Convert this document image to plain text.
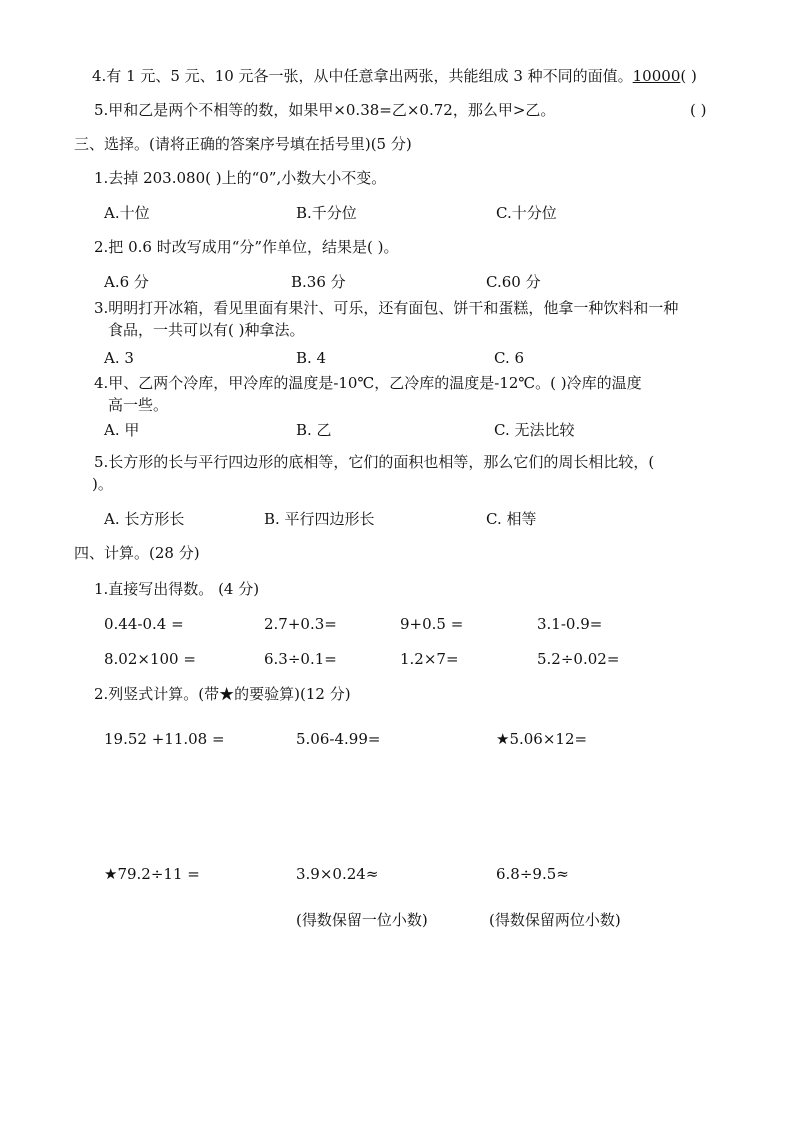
4.有 1 元、5 元、10 元各一张，从中任意拿出两张，共能组成 3 种不同的面值。10000( )
5.甲和乙是两个不相等的数，如果甲×0.38=乙×0.72，那么甲>乙。	( )
三、选择。(请将正确的答案序号填在括号里)(5 分)
1.去掉 203.080( )上的“0”,小数大小不变。
A.十位	B.千分位	C.十分位
2.把 0.6 时改写成用“分”作单位，结果是( )。
A.6 分	B.36 分	C.60 分
3.明明打开冰箱，看见里面有果汁、可乐，还有面包、饼干和蛋糕，他拿一种饮料和一种
食品，一共可以有( )种拿法。
A. 3	B. 4	C. 6
4.甲、乙两个冷库，甲冷库的温度是-10℃，乙冷库的温度是-12℃。( )冷库的温度
高一些。
A. 甲	B. 乙	C. 无法比较
5.长方形的长与平行四边形的底相等，它们的面积也相等，那么它们的周长相比较，(
)。
A. 长方形长	B. 平行四边形长	C. 相等
四、计算。(28 分)
1.直接写出得数。 (4 分)
0.44-0.4 =	2.7+0.3=	9+0.5 =	3.1-0.9=
8.02×100 =	6.3÷0.1=	1.2×7=	5.2÷0.02=
2.列竖式计算。(带★的要验算)(12 分)
19.52 +11.08 =	5.06-4.99=	★5.06×12=
★79.2÷11 =	3.9×0.24≈	6.8÷9.5≈
(得数保留一位小数)	(得数保留两位小数)
